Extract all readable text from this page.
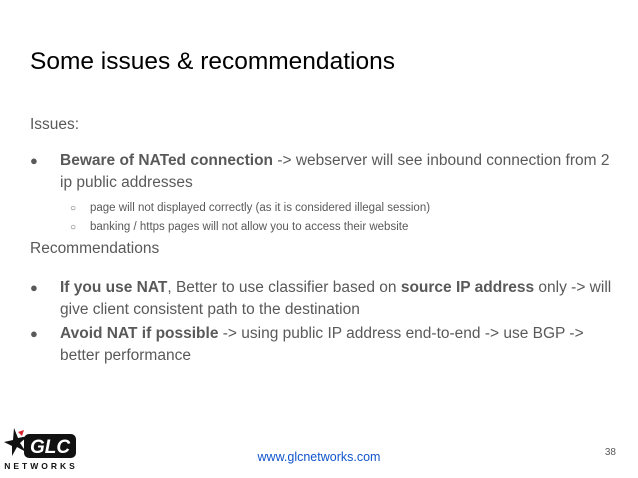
Some issues & recommendations

Issues:

● Beware of NATed connection -> webserver will see inbound connection from 2 ip public addresses
○ page will not displayed correctly (as it is considered illegal session)
○ banking / https pages will not allow you to access their website

Recommendations

● If you use NAT, Better to use classifier based on source IP address only -> will give client consistent path to the destination
● Avoid NAT if possible -> using public IP address end-to-end -> use BGP -> better performance
GLC
NETWORKS
www.glcnetworks.com	38
